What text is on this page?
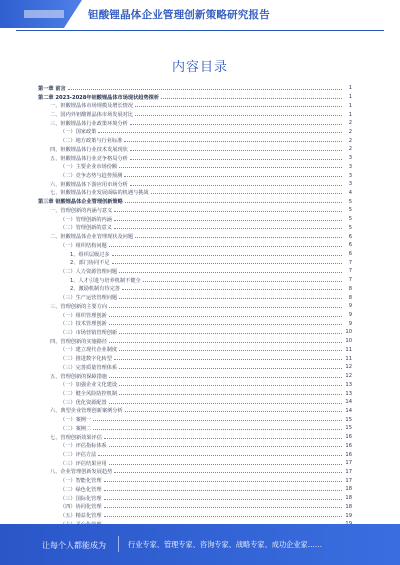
钽酸锂晶体企业管理创新策略研究报告
内容目录
第一章 前言	1
第二章 2023-2028年钽酸锂晶体市场现状趋势探析	1
一、钽酸锂晶体市场规模及增长情况	1
二、国内外钽酸锂晶体市场发展对比	1
三、钽酸锂晶体行业政策环境分析	2
（一）国家政策	2
（二）地方政策与行业标准	2
四、钽酸锂晶体行业技术发展现状	2
五、钽酸锂晶体行业竞争格局分析	3
（一）主要企业市场份额	3
（二）竞争态势与趋势预测	3
六、钽酸锂晶体下游应用市场分析	3
七、钽酸锂晶体行业发展面临的机遇与挑战	4
第三章 钽酸锂晶体企业管理创新策略	5
一、管理创新的内涵与意义	5
（一）管理创新的内涵	5
（二）管理创新的意义	5
二、钽酸锂晶体企业管理现状及问题	6
（一）组织结构问题	6
1、组织层级过多	6
2、部门协同不足	7
（二）人力资源管理问题	7
1、人才引进与培养机制不健全	7
2、激励机制有待完善	8
（三）生产运营管理问题	8
三、管理创新的主要方向	9
（一）组织管理创新	9
（二）技术管理创新	9
（三）市场营销管理创新	10
四、管理创新的实施路径	10
（一）建立现代企业制度	11
（二）推进数字化转型	11
（三）完善质量管理体系	12
五、管理创新的保障措施	12
（一）加强企业文化建设	13
（二）健全风险防控机制	13
（三）优化资源配置	14
六、典型企业管理创新案例分析	14
（一）案例一	15
（二）案例二	15
七、管理创新效果评估	16
（一）评估指标体系	16
（二）评估方法	16
（三）评估结果应用	17
八、企业管理创新发展趋势	17
（一）智能化管理	17
（二）绿色化管理	18
（三）国际化管理	18
（四）协同化管理	18
（五）精益化管理	19
让每个人都能成为	行业专家、管理专家、咨询专家、战略专家、成功企业家……
